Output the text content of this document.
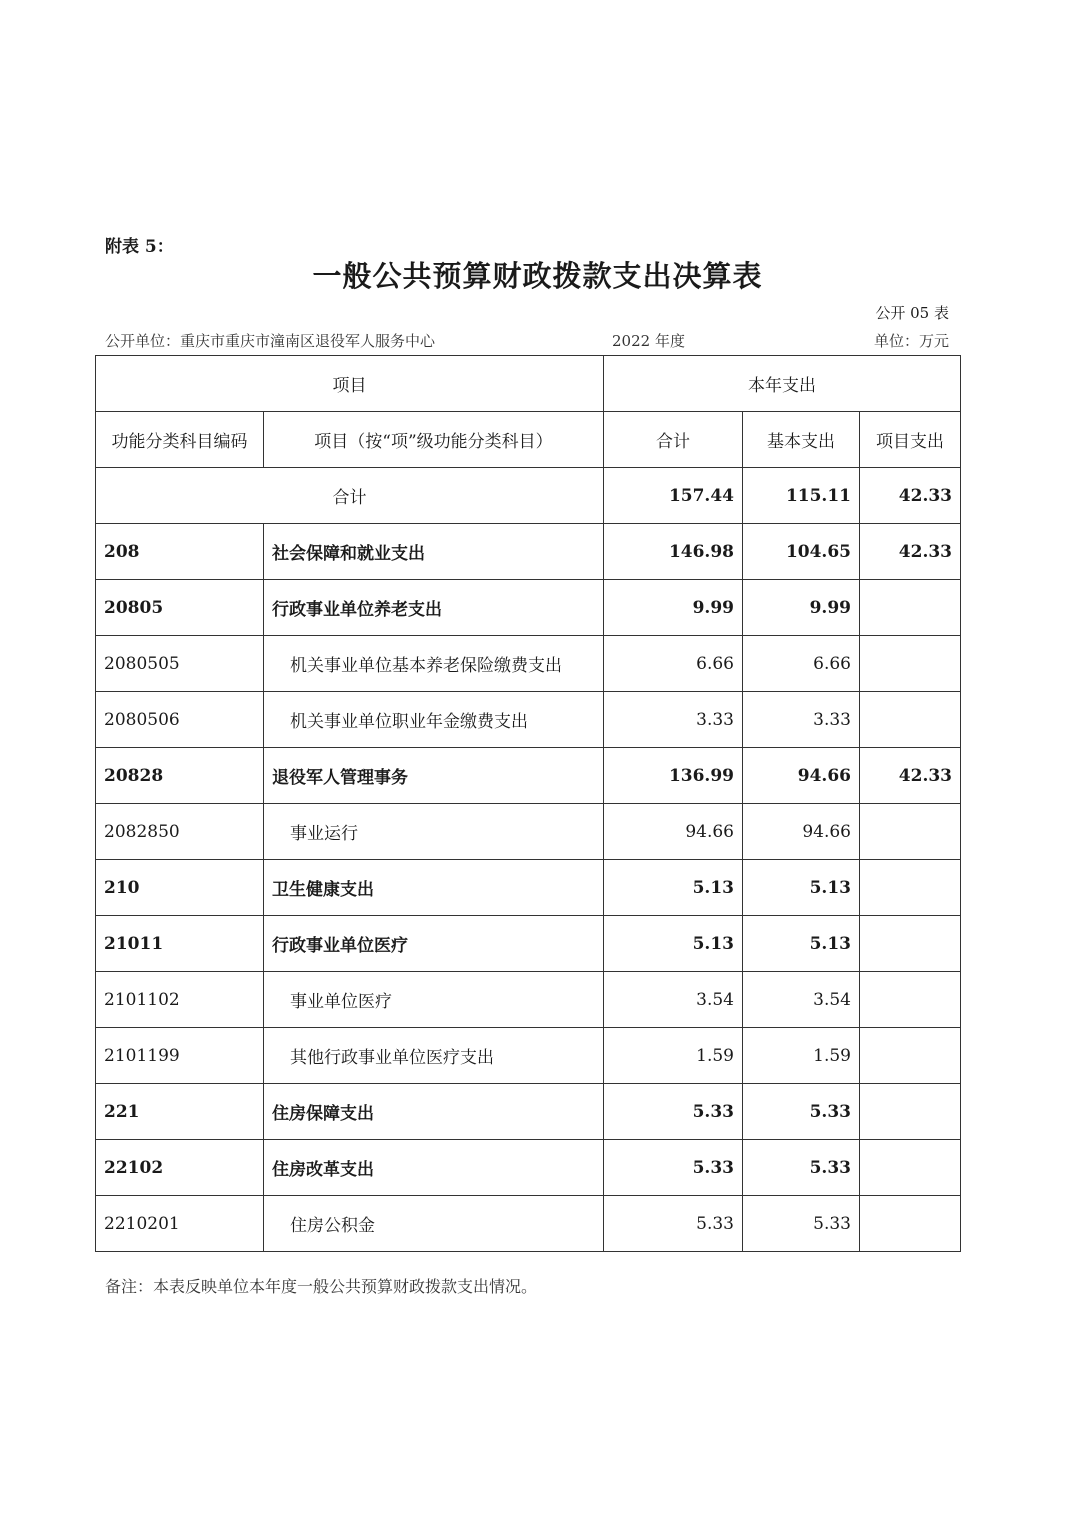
附表 5：
一般公共预算财政拨款支出决算表
公开 05 表
公开单位：重庆市重庆市潼南区退役军人服务中心	2022 年度	单位：万元
项目		本年支出		
功能分类科目编码	项目（按“项”级功能分类科目）	合计	基本支出	项目支出
合计		157.44	115.11	42.33
208	社会保障和就业支出	146.98	104.65	42.33
20805	行政事业单位养老支出	9.99	9.99	
2080505	机关事业单位基本养老保险缴费支出	6.66	6.66	
2080506	机关事业单位职业年金缴费支出	3.33	3.33	
20828	退役军人管理事务	136.99	94.66	42.33
2082850	事业运行	94.66	94.66	
210	卫生健康支出	5.13	5.13	
21011	行政事业单位医疗	5.13	5.13	
2101102	事业单位医疗	3.54	3.54	
2101199	其他行政事业单位医疗支出	1.59	1.59	
221	住房保障支出	5.33	5.33	
22102	住房改革支出	5.33	5.33	
2210201	住房公积金	5.33	5.33	
备注：本表反映单位本年度一般公共预算财政拨款支出情况。
